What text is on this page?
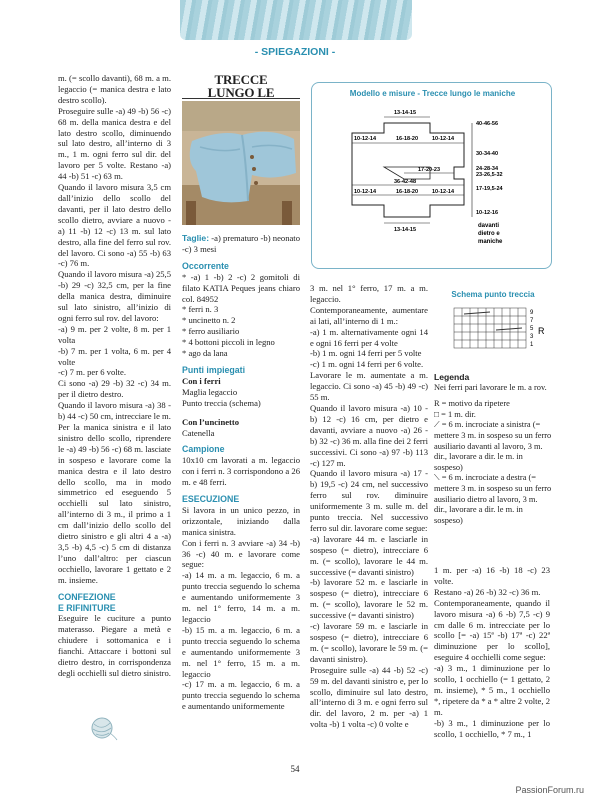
- SPIEGAZIONI -

m. (= scollo davanti), 68 m. a m. legaccio (= manica destra e lato destro scollo).

Proseguire sulle -a) 49 -b) 56 -c) 68 m. della manica destra e del lato destro scollo, diminuendo sul lato destro, all’interno di 3 m., 1 m. ogni ferro sul dir. del lavoro per 5 volte. Restano -a) 44 -b) 51 -c) 63 m.

Quando il lavoro misura 3,5 cm dall’inizio dello scollo del davanti, per il lato destro dello scollo dietro, avviare a nuovo -a) 11 -b) 12 -c) 13 m. sul lato destro, alla fine del ferro sul rov. del lavoro. Ci sono -a) 55 -b) 63 -c) 76 m.

Quando il lavoro misura -a) 25,5 -b) 29 -c) 32,5 cm, per la fine della manica destra, diminuire sul lato sinistro, all’inizio di ogni ferro sul rov. del lavoro:

-a) 9 m. per 2 volte, 8 m. per 1 volta

-b) 7 m. per 1 volta, 6 m. per 4 volte

-c) 7 m. per 6 volte.

Ci sono -a) 29 -b) 32 -c) 34 m. per il dietro destro.

Quando il lavoro misura -a) 38 -b) 44 -c) 50 cm, intrecciare le m.

Per la manica sinistra e il lato sinistro dello scollo, riprendere le -a) 49 -b) 56 -c) 68 m. lasciate in sospeso e lavorare come la manica destra e il lato destro dello scollo, ma in modo simmetrico ed eseguendo 5 occhielli sul lato sinistro, all’interno di 3 m., il primo a 1 cm dall’inizio dello scollo del dietro sinistro e gli altri 4 a -a) 3,5 -b) 4,5 -c) 5 cm di distanza l’uno dall’altro: per ciascun occhiello, lavorare 1 gettato e 2 m. insieme.

CONFEZIONE
E RIFINITURE

Eseguire le cuciture a punto materasso. Piegare a metà e chiudere i sottomanica e i fianchi. Attaccare i bottoni sul dietro destro, in corrispondenza degli occhielli sul dietro sinistro.

TRECCE
LUNGO LE

Taglie: -a) prematuro -b) neonato -c) 3 mesi

Occorrente

* -a) 1 -b) 2 -c) 2 gomitoli di filato KATIA Peques jeans chiaro col. 84952

* ferri n. 3

* uncinetto n. 2

* ferro ausiliario

* 4 bottoni piccoli in legno

* ago da lana

Punti impiegati

Con i ferri

Maglia legaccio

Punto treccia (schema)

Con l’uncinetto

Catenella

Campione

10x10 cm lavorati a m. legaccio con i ferri n. 3 corrispondono a 26 m. e 48 ferri.

ESECUZIONE

Si lavora in un unico pezzo, in orizzontale, iniziando dalla manica sinistra.

Con i ferri n. 3 avviare -a) 34 -b) 36 -c) 40 m. e lavorare come segue:

-a) 14 m. a m. legaccio, 6 m. a punto treccia seguendo lo schema e aumentando uniformemente 3 m. nel 1° ferro, 14 m. a m. legaccio

-b) 15 m. a m. legaccio, 6 m. a punto treccia seguendo lo schema e aumentando uniformemente 3 m. nel 1° ferro, 15 m. a m. legaccio

-c) 17 m. a m. legaccio, 6 m. a punto treccia seguendo lo schema e aumentando uniformemente

Modello e misure - Trecce lungo le maniche
13-14-15
10-12-14	16-18-20	10-12-14
17-20-23
36-42-48
10-12-14	16-18-20	10-12-14
13-14-15
40-46-56
30-34-40
24-28-34
23-26,5-32
17-19,5-24
10-12-16
davanti
dietro e
maniche

3 m. nel 1° ferro, 17 m. a m. legaccio.

Contemporaneamente, aumentare ai lati, all’interno di 1 m.:

-a) 1 m. alternativamente ogni 14 e ogni 16 ferri per 4 volte

-b) 1 m. ogni 14 ferri per 5 volte

-c) 1 m. ogni 14 ferri per 6 volte.

Lavorare le m. aumentate a m. legaccio. Ci sono -a) 45 -b) 49 -c) 55 m.

Quando il lavoro misura -a) 10 -b) 12 -c) 16 cm, per dietro e davanti, avviare a nuovo -a) 26 -b) 32 -c) 36 m. alla fine dei 2 ferri successivi. Ci sono -a) 97 -b) 113 -c) 127 m.

Quando il lavoro misura -a) 17 -b) 19,5 -c) 24 cm, nel successivo ferro sul rov. diminuire uniformemente 3 m. sulle m. del punto treccia. Nel successivo ferro sul dir. lavorare come segue:

-a) lavorare 44 m. e lasciarle in sospeso (= dietro), intrecciare 6 m. (= scollo), lavorare le 44 m. successive (= davanti sinistro)

-b) lavorare 52 m. e lasciarle in sospeso (= dietro), intrecciare 6 m. (= scollo), lavorare le 52 m. successive (= davanti sinistro)

-c) lavorare 59 m. e lasciarle in sospeso (= dietro), intrecciare 6 m. (= scollo), lavorare le 59 m. (= davanti sinistro).

Proseguire sulle -a) 44 -b) 52 -c) 59 m. del davanti sinistro e, per lo scollo, diminuire sul lato destro, all’interno di 3 m. e ogni ferro sul dir. del lavoro, 2 m. per -a) 1 volta -b) 1 volta -c) 0 volte e

Schema punto treccia
9
7
5
3
1
R

Legenda

Nei ferri pari lavorare le m. a rov.

R = motivo da ripetere

□ = 1 m. dir.

⟋ = 6 m. incrociate a sinistra (= mettere 3 m. in sospeso su un ferro ausiliario davanti al lavoro, 3 m. dir., lavorare a dir. le m. in sospeso)

⟍ = 6 m. incrociate a destra (= mettere 3 m. in sospeso su un ferro ausiliario dietro al lavoro, 3 m. dir., lavorare a dir. le m. in sospeso)

1 m. per -a) 16 -b) 18 -c) 23 volte.

Restano -a) 26 -b) 32 -c) 36 m.

Contemporaneamente, quando il lavoro misura -a) 6 -b) 7,5 -c) 9 cm dalle 6 m. intrecciate per lo scollo [= -a) 15ª -b) 17ª -c) 22ª diminuzione per lo scollo], eseguire 4 occhielli come segue:

-a) 3 m., 1 diminuzione per lo scollo, 1 occhiello (= 1 gettato, 2 m. insieme), * 5 m., 1 occhiello *, ripetere da * a * altre 2 volte, 2 m.

-b) 3 m., 1 diminuzione per lo scollo, 1 occhiello, * 7 m., 1

54
PassionForum.ru
